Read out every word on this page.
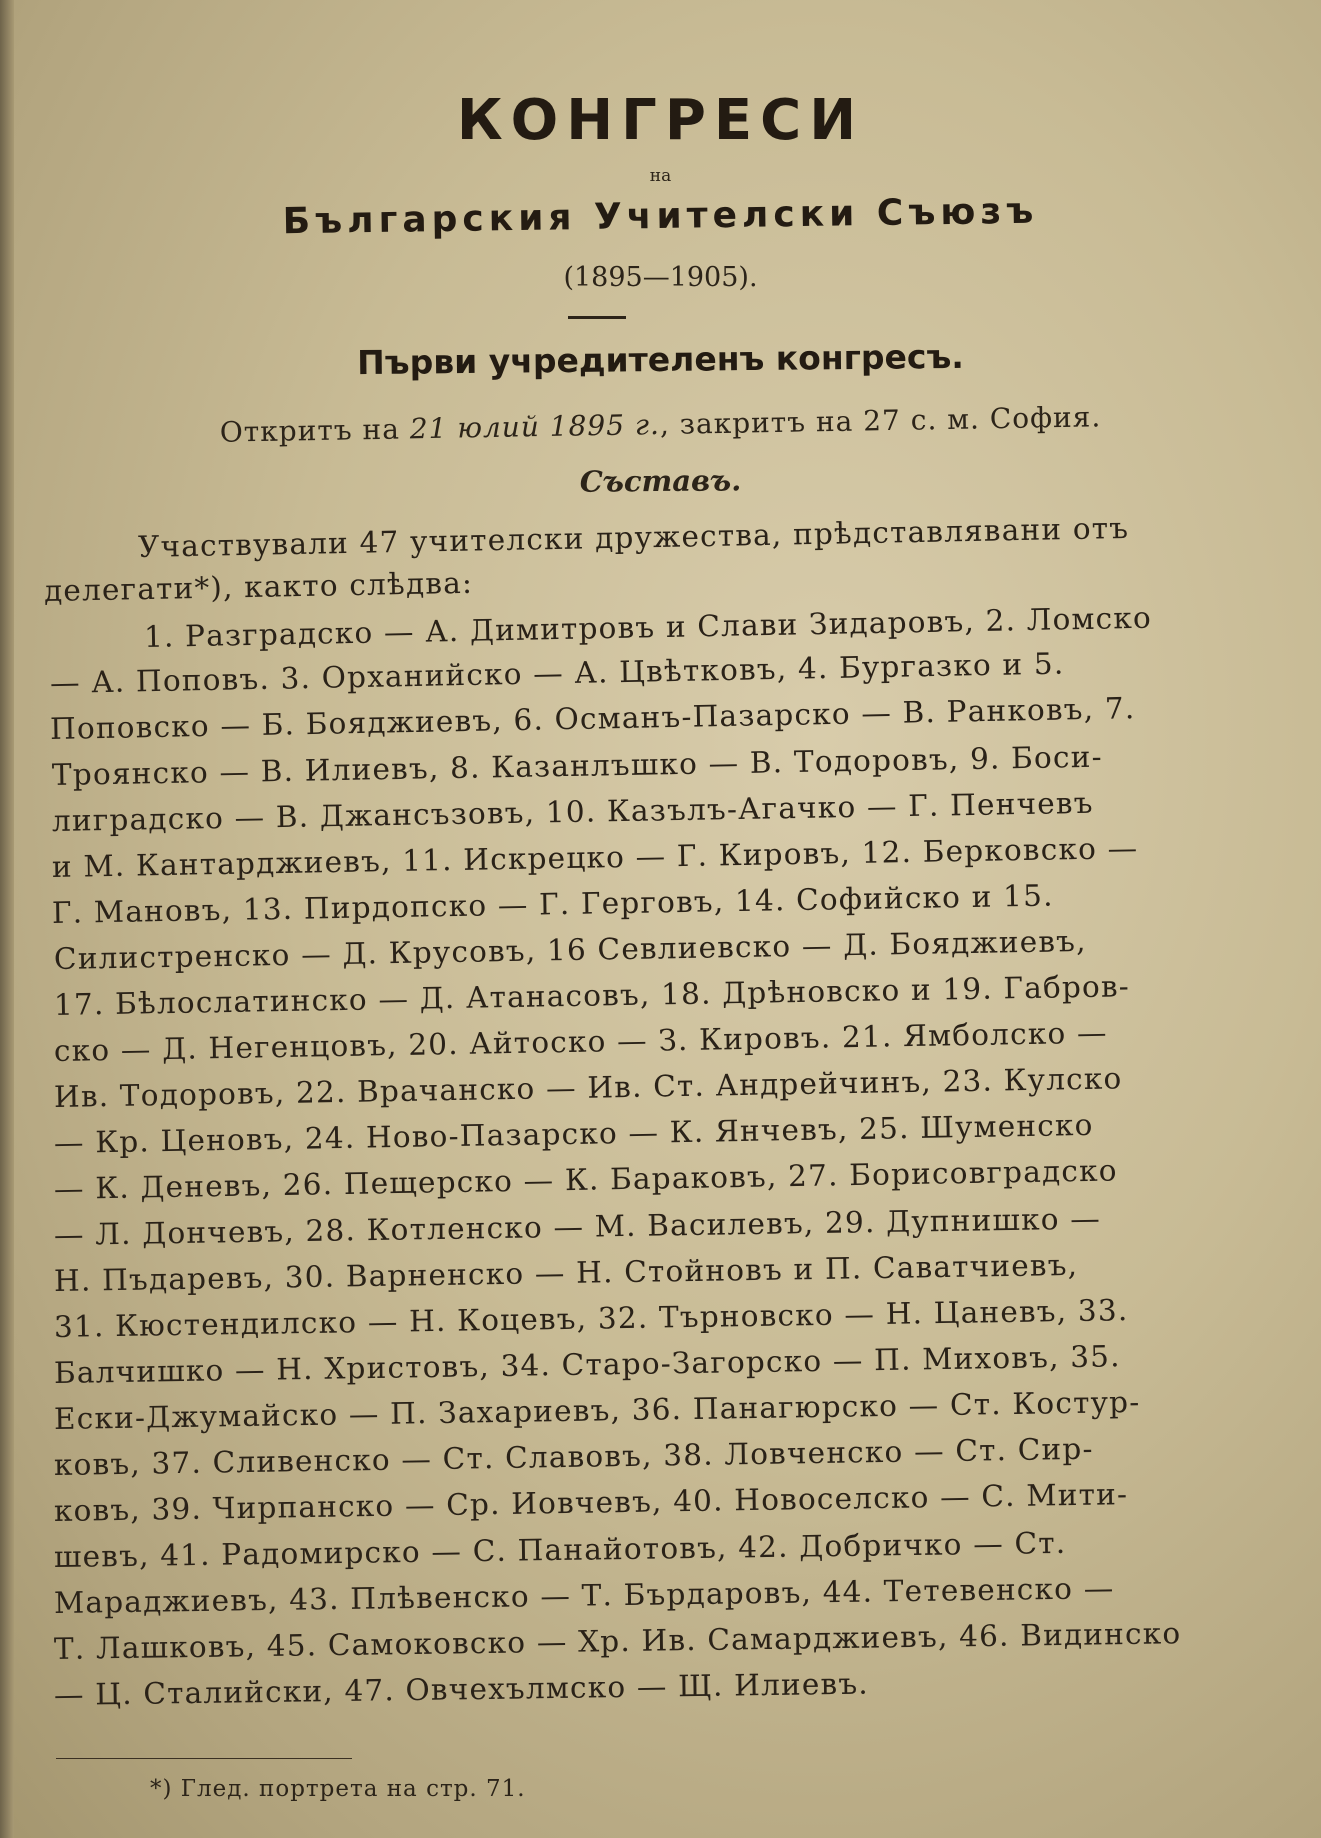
КОНГРЕСИ
на
Българския Учителски Съюзъ
(1895—1905).
Първи учредителенъ конгресъ.
Откритъ на 21 юлий 1895 г., закритъ на 27 с. м. София.
Съставъ.
Участвували 47 учителски дружества, прѣдставлявани отъ
делегати*), както слѣдва:
1. Разградско — А. Димитровъ и Слави Зидаровъ, 2. Ломско
— А. Поповъ. 3. Орханийско — А. Цвѣтковъ, 4. Бургазко и 5.
Поповско — Б. Бояджиевъ, 6. Османъ-Пазарско — В. Ранковъ, 7.
Троянско — В. Илиевъ, 8. Казанлъшко — В. Тодоровъ, 9. Боси-
лиградско — В. Джансъзовъ, 10. Казълъ-Агачко — Г. Пенчевъ
и М. Кантарджиевъ, 11. Искрецко — Г. Кировъ, 12. Берковско —
Г. Мановъ, 13. Пирдопско — Г. Герговъ, 14. Софийско и 15.
Силистренско — Д. Крусовъ, 16 Севлиевско — Д. Бояджиевъ,
17. Бѣлослатинско — Д. Атанасовъ, 18. Дрѣновско и 19. Габров-
ско — Д. Негенцовъ, 20. Айтоско — З. Кировъ. 21. Ямболско —
Ив. Тодоровъ, 22. Врачанско — Ив. Ст. Андрейчинъ, 23. Кулско
— Кр. Ценовъ, 24. Ново-Пазарско — К. Янчевъ, 25. Шуменско
— К. Деневъ, 26. Пещерско — К. Бараковъ, 27. Борисовградско
— Л. Дончевъ, 28. Котленско — М. Василевъ, 29. Дупнишко —
Н. Пъдаревъ, 30. Варненско — Н. Стойновъ и П. Саватчиевъ,
31. Кюстендилско — Н. Коцевъ, 32. Търновско — Н. Цаневъ, 33.
Балчишко — Н. Христовъ, 34. Старо-Загорско — П. Миховъ, 35.
Ески-Джумайско — П. Захариевъ, 36. Панагюрско — Ст. Костур-
ковъ, 37. Сливенско — Ст. Славовъ, 38. Ловченско — Ст. Сир-
ковъ, 39. Чирпанско — Ср. Иовчевъ, 40. Новоселско — С. Мити-
шевъ, 41. Радомирско — С. Панайотовъ, 42. Добричко — Ст.
Мараджиевъ, 43. Плѣвенско — Т. Бърдаровъ, 44. Тетевенско —
Т. Лашковъ, 45. Самоковско — Хр. Ив. Самарджиевъ, 46. Видинско
— Ц. Сталийски, 47. Овчехълмско — Щ. Илиевъ.
*) Глед. портрета на стр. 71.
